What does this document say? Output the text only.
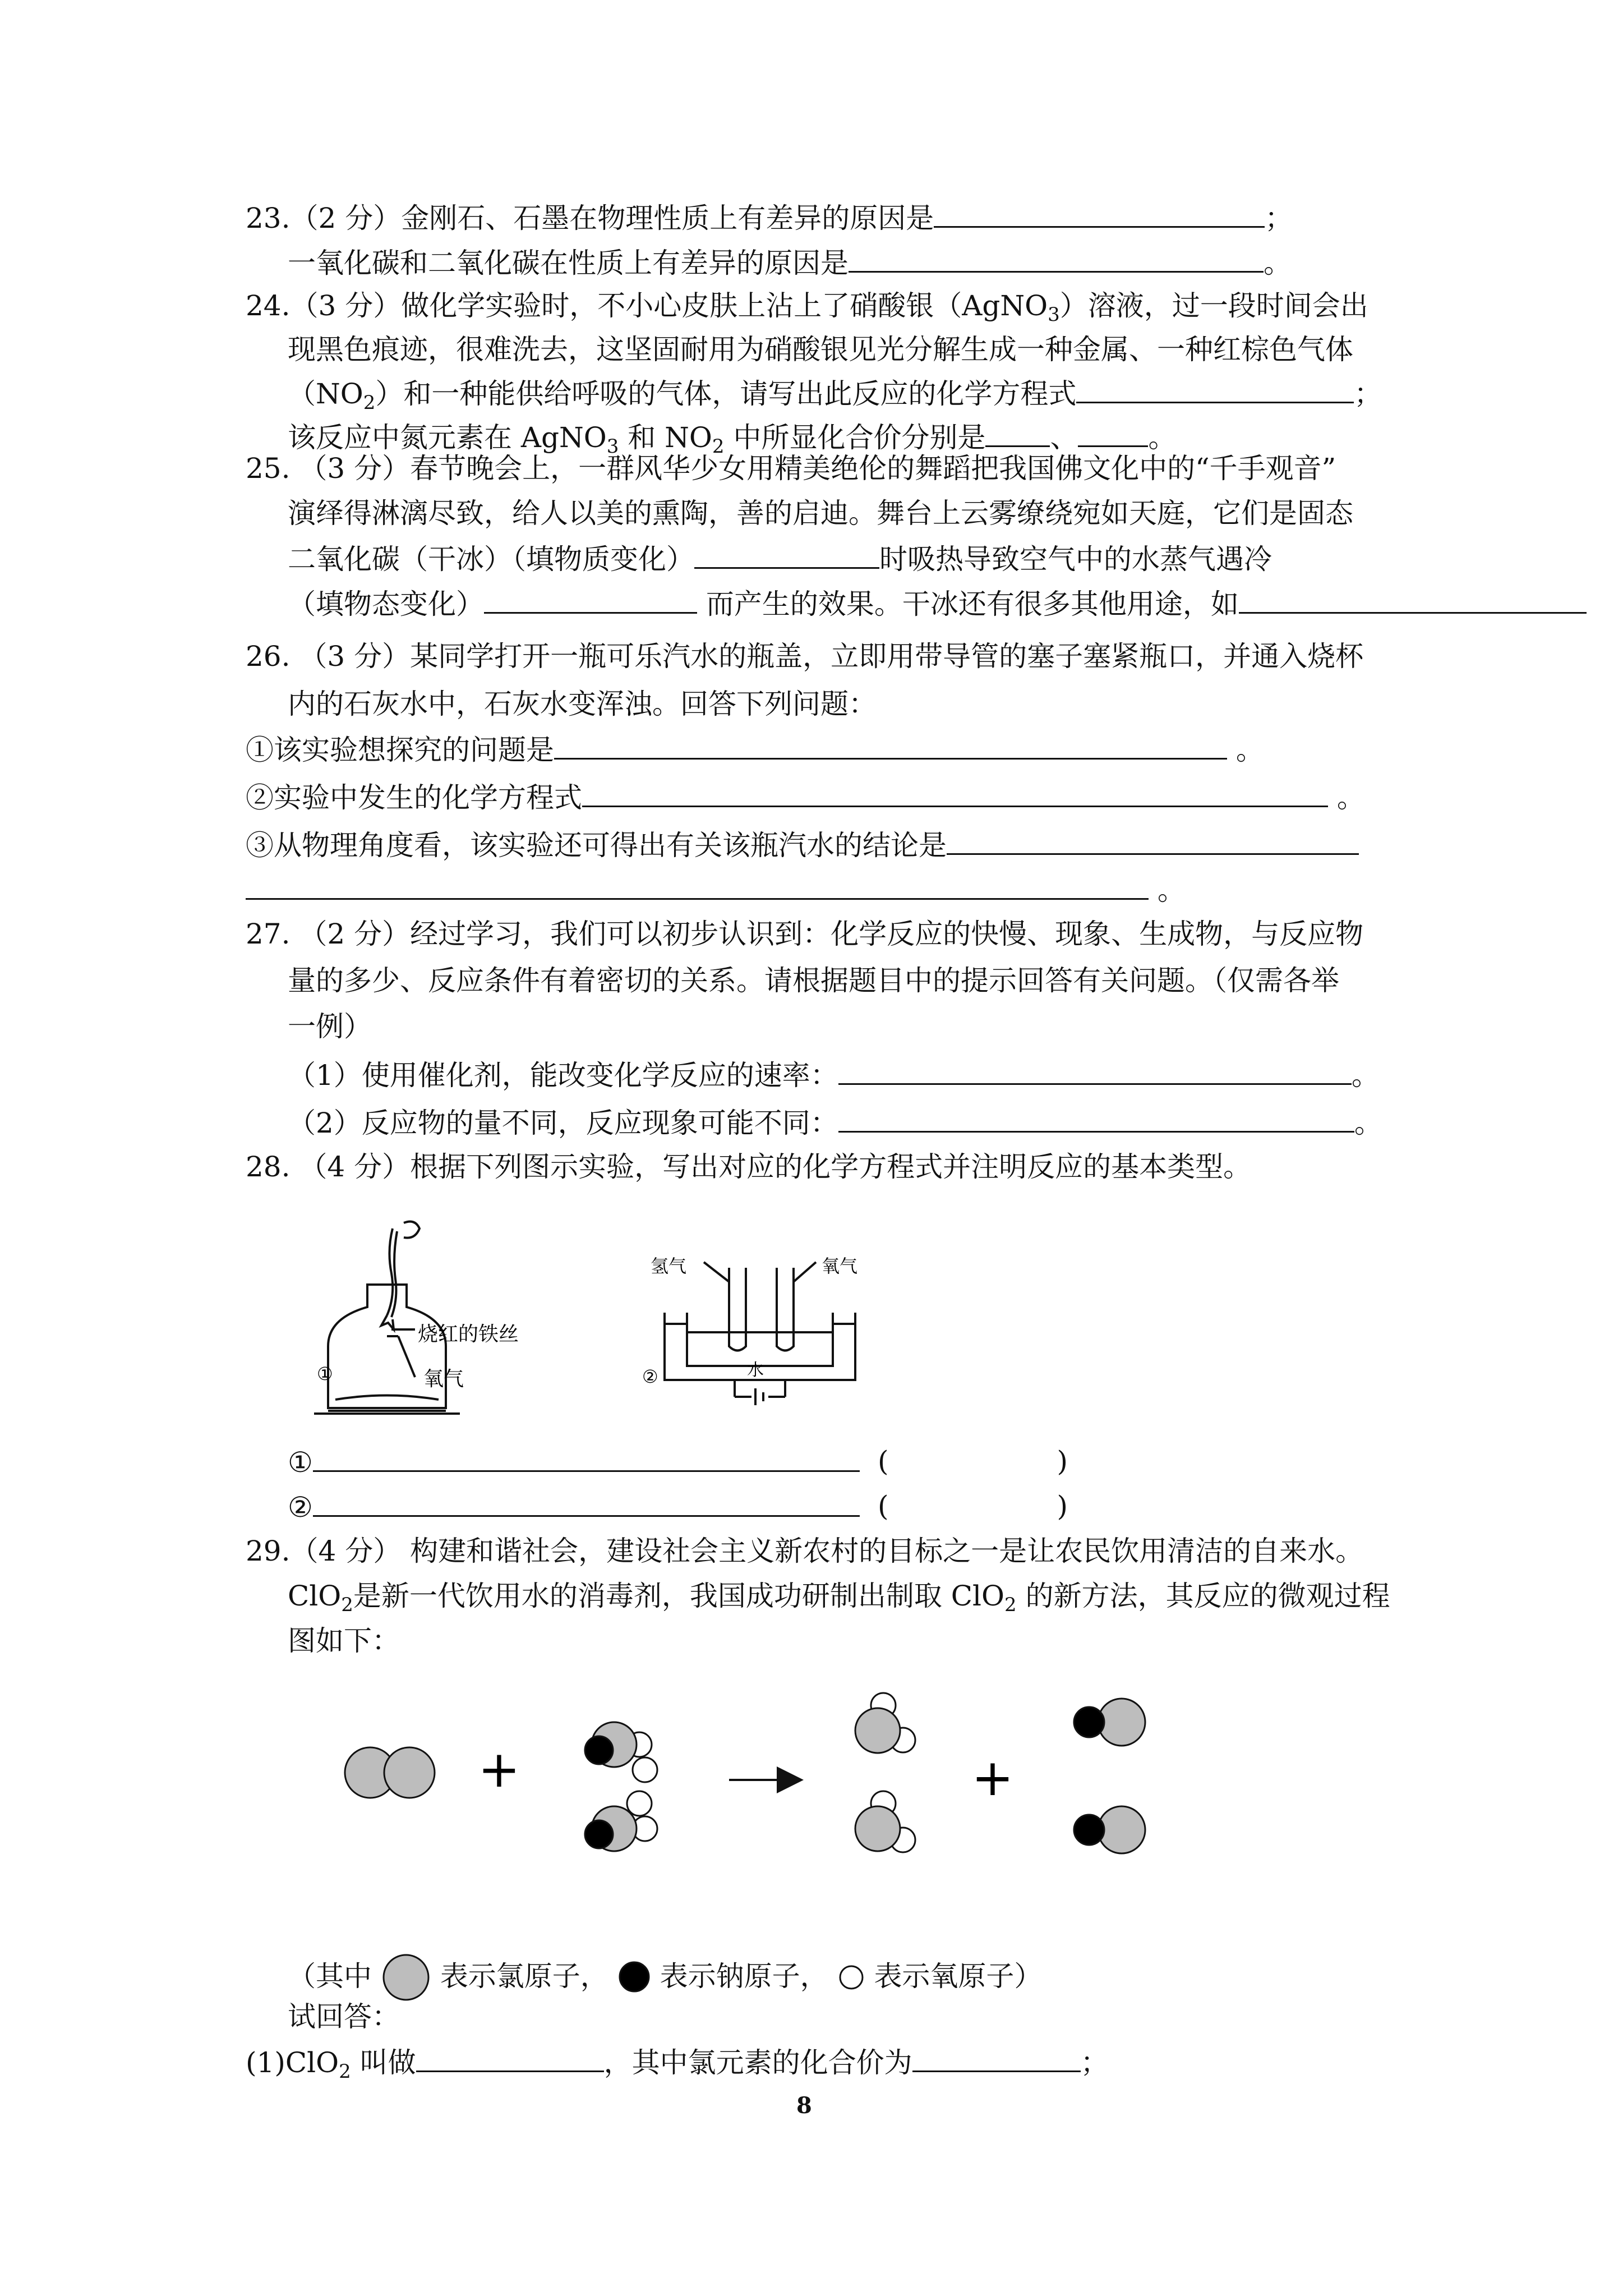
23.（2 分）金刚石、石墨在物理性质上有差异的原因是	；
一氧化碳和二氧化碳在性质上有差异的原因是	。
24.（3 分）做化学实验时，不小心皮肤上沾上了硝酸银（AgNO$_3$）溶液，过一段时间会出
现黑色痕迹，很难洗去，这坚固耐用为硝酸银见光分解生成一种金属、一种红棕色气体
$(NO_2)$和一种能供给呼吸的气体，请写出此反应的化学方程式	；
该反应中氮元素在 AgNO$_3$ 和 $NO_2$ 中所显化合价分别是 、	。
25. （3 分）春节晚会上，一群风华少女用精美绝伦的舞蹈把我国佛文化中的“千手观音”
演绎得淋漓尽致，给人以美的熏陶，善的启迪。舞台上云雾缭绕宛如天庭，它们是固态
二氧化碳（干冰）（填物质变化）	时吸热导致空气中的水蒸气遇冷
（填物态变化）	而产生的效果。干冰还有很多其他用途，如
26. （3 分）某同学打开一瓶可乐汽水的瓶盖，立即用带导管的塞子塞紧瓶口，并通入烧杯
内的石灰水中，石灰水变浑浊。回答下列问题：
①该实验想探究的问题是	。
②实验中发生的化学方程式	。
③从物理角度看，该实验还可得出有关该瓶汽水的结论是
。
27. （2 分）经过学习，我们可以初步认识到：化学反应的快慢、现象、生成物，与反应物
量的多少、反应条件有着密切的关系。请根据题目中的提示回答有关问题。（仅需各举
一例）
（1）使用催化剂，能改变化学反应的速率：	。
（2）反应物的量不同，反应现象可能不同：	。
28. （4 分）根据下列图示实验，写出对应的化学方程式并注明反应的基本类型。
①
烧红的铁丝
氧气
氢气	氧气
水
②
①	(	)
②	(	)
29.（4 分） 构建和谐社会，建设社会主义新农村的目标之一是让农民饮用清洁的自来水。
ClO$_2$是新一代饮用水的消毒剂，我国成功研制出制取 ClO$_2$ 的新方法，其反应的微观过程
图如下：
+	+
（其中 表示氯原子， 表示钠原子， 表示氧原子）
试回答：
(1)ClO$_2$ 叫做	，其中氯元素的化合价为	；
8
